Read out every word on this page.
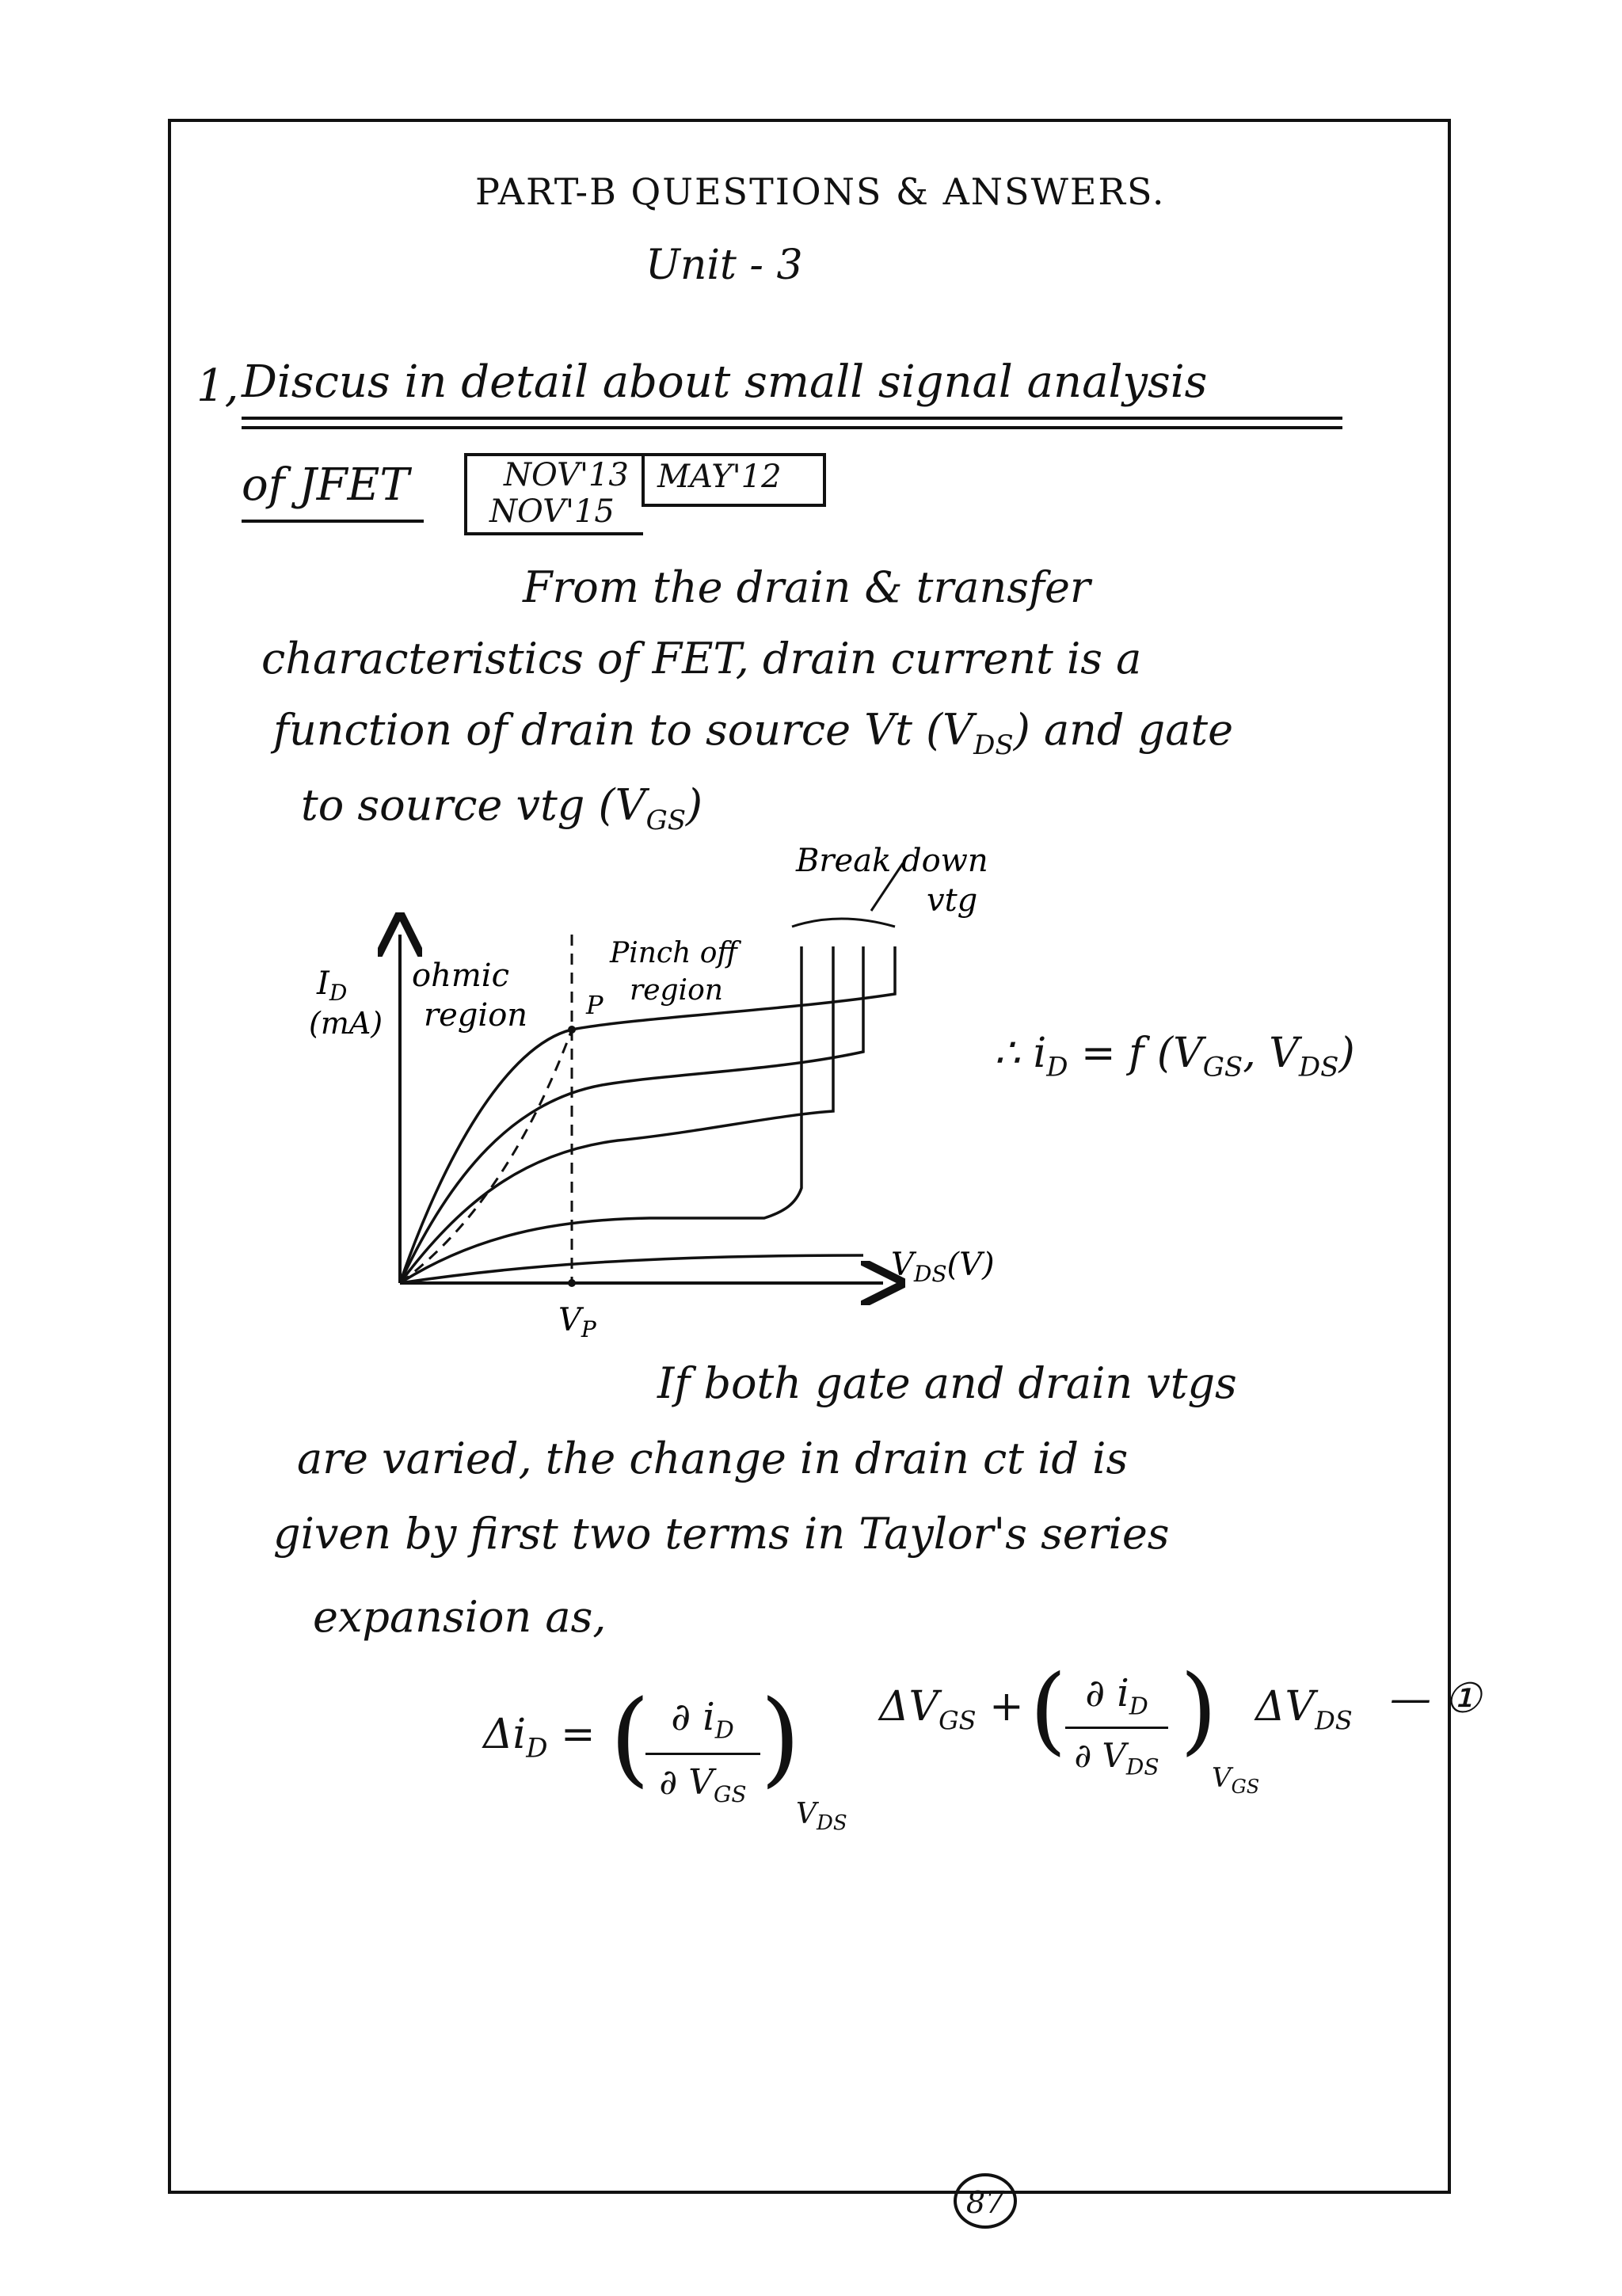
PART-B QUESTIONS & ANSWERS.
Unit - 3
1, Discus in detail about small signal analysis
of JFET	NOV'13
NOV'15
MAY'12
From the drain & transfer
characteristics of FET, drain current is a
function of drain to source Vt $(V_{DS})$ and gate
to source vtg $(V_{GS})$
$I_D$
(mA)
ohmic
region
Pinch off
region
P
Break down
vtg
$V_{DS}(V)$
$V_P$
∴ $i_D = f$ ($V_{GS}$, $V_{DS}$)
If both gate and drain vtgs
are varied, the change in drain ct id is
given by first two terms in Taylor's series
expansion as,
$\Delta i_D$ = ( ∂ $i_D$
∂ $V_{GS}$ )
$V_{DS}$
$\Delta V_{GS}$ + ( ∂ $i_D$
∂ $V_{DS}$
)
$V_{GS}$
$\Delta V_{DS}$ — ①
87
